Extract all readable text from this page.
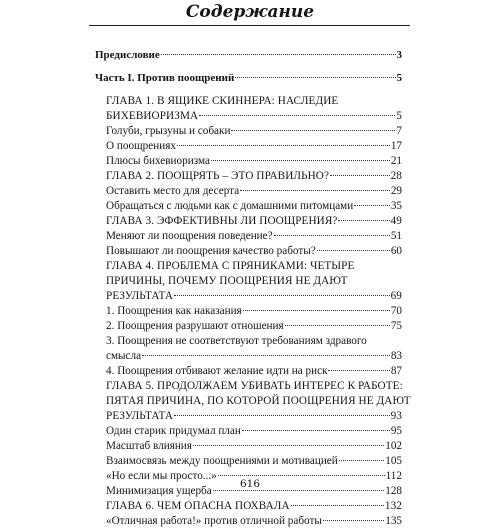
Содержание
Предисловие	3
Часть I. Против поощрений	5
ГЛАВА 1. В ЯЩИКЕ СКИННЕРА: НАСЛЕДИЕ
БИХЕВИОРИЗМА	5
Голуби, грызуны и собаки	7
О поощрениях	17
Плюсы бихевиоризма	21
ГЛАВА 2. ПООЩРЯТЬ – ЭТО ПРАВИЛЬНО?	28
Оставить место для десерта	29
Обращаться с людьми как с домашними питомцами	35
ГЛАВА 3. ЭФФЕКТИВНЫ ЛИ ПООЩРЕНИЯ?	49
Меняют ли поощрения поведение?	51
Повышают ли поощрения качество работы?	60
ГЛАВА 4. ПРОБЛЕМА С ПРЯНИКАМИ: ЧЕТЫРЕ
ПРИЧИНЫ, ПОЧЕМУ ПООЩРЕНИЯ НЕ ДАЮТ
РЕЗУЛЬТАТА	69
1. Поощрения как наказания	70
2. Поощрения разрушают отношения	75
3. Поощрения не соответствуют требованиям здравого
смысла	83
4. Поощрения отбивают желание идти на риск	87
ГЛАВА 5. ПРОДОЛЖАЕМ УБИВАТЬ ИНТЕРЕС К РАБОТЕ:
ПЯТАЯ ПРИЧИНА, ПО КОТОРОЙ ПООЩРЕНИЯ НЕ ДАЮТ
РЕЗУЛЬТАТА	93
Один старик придумал план	95
Масштаб влияния	102
Взаимосвязь между поощрениями и мотивацией	105
«Но если мы просто...»	112
Минимизация ущерба	128
ГЛАВА 6. ЧЕМ ОПАСНА ПОХВАЛА	132
«Отличная работа!» против отличной работы	135
616
